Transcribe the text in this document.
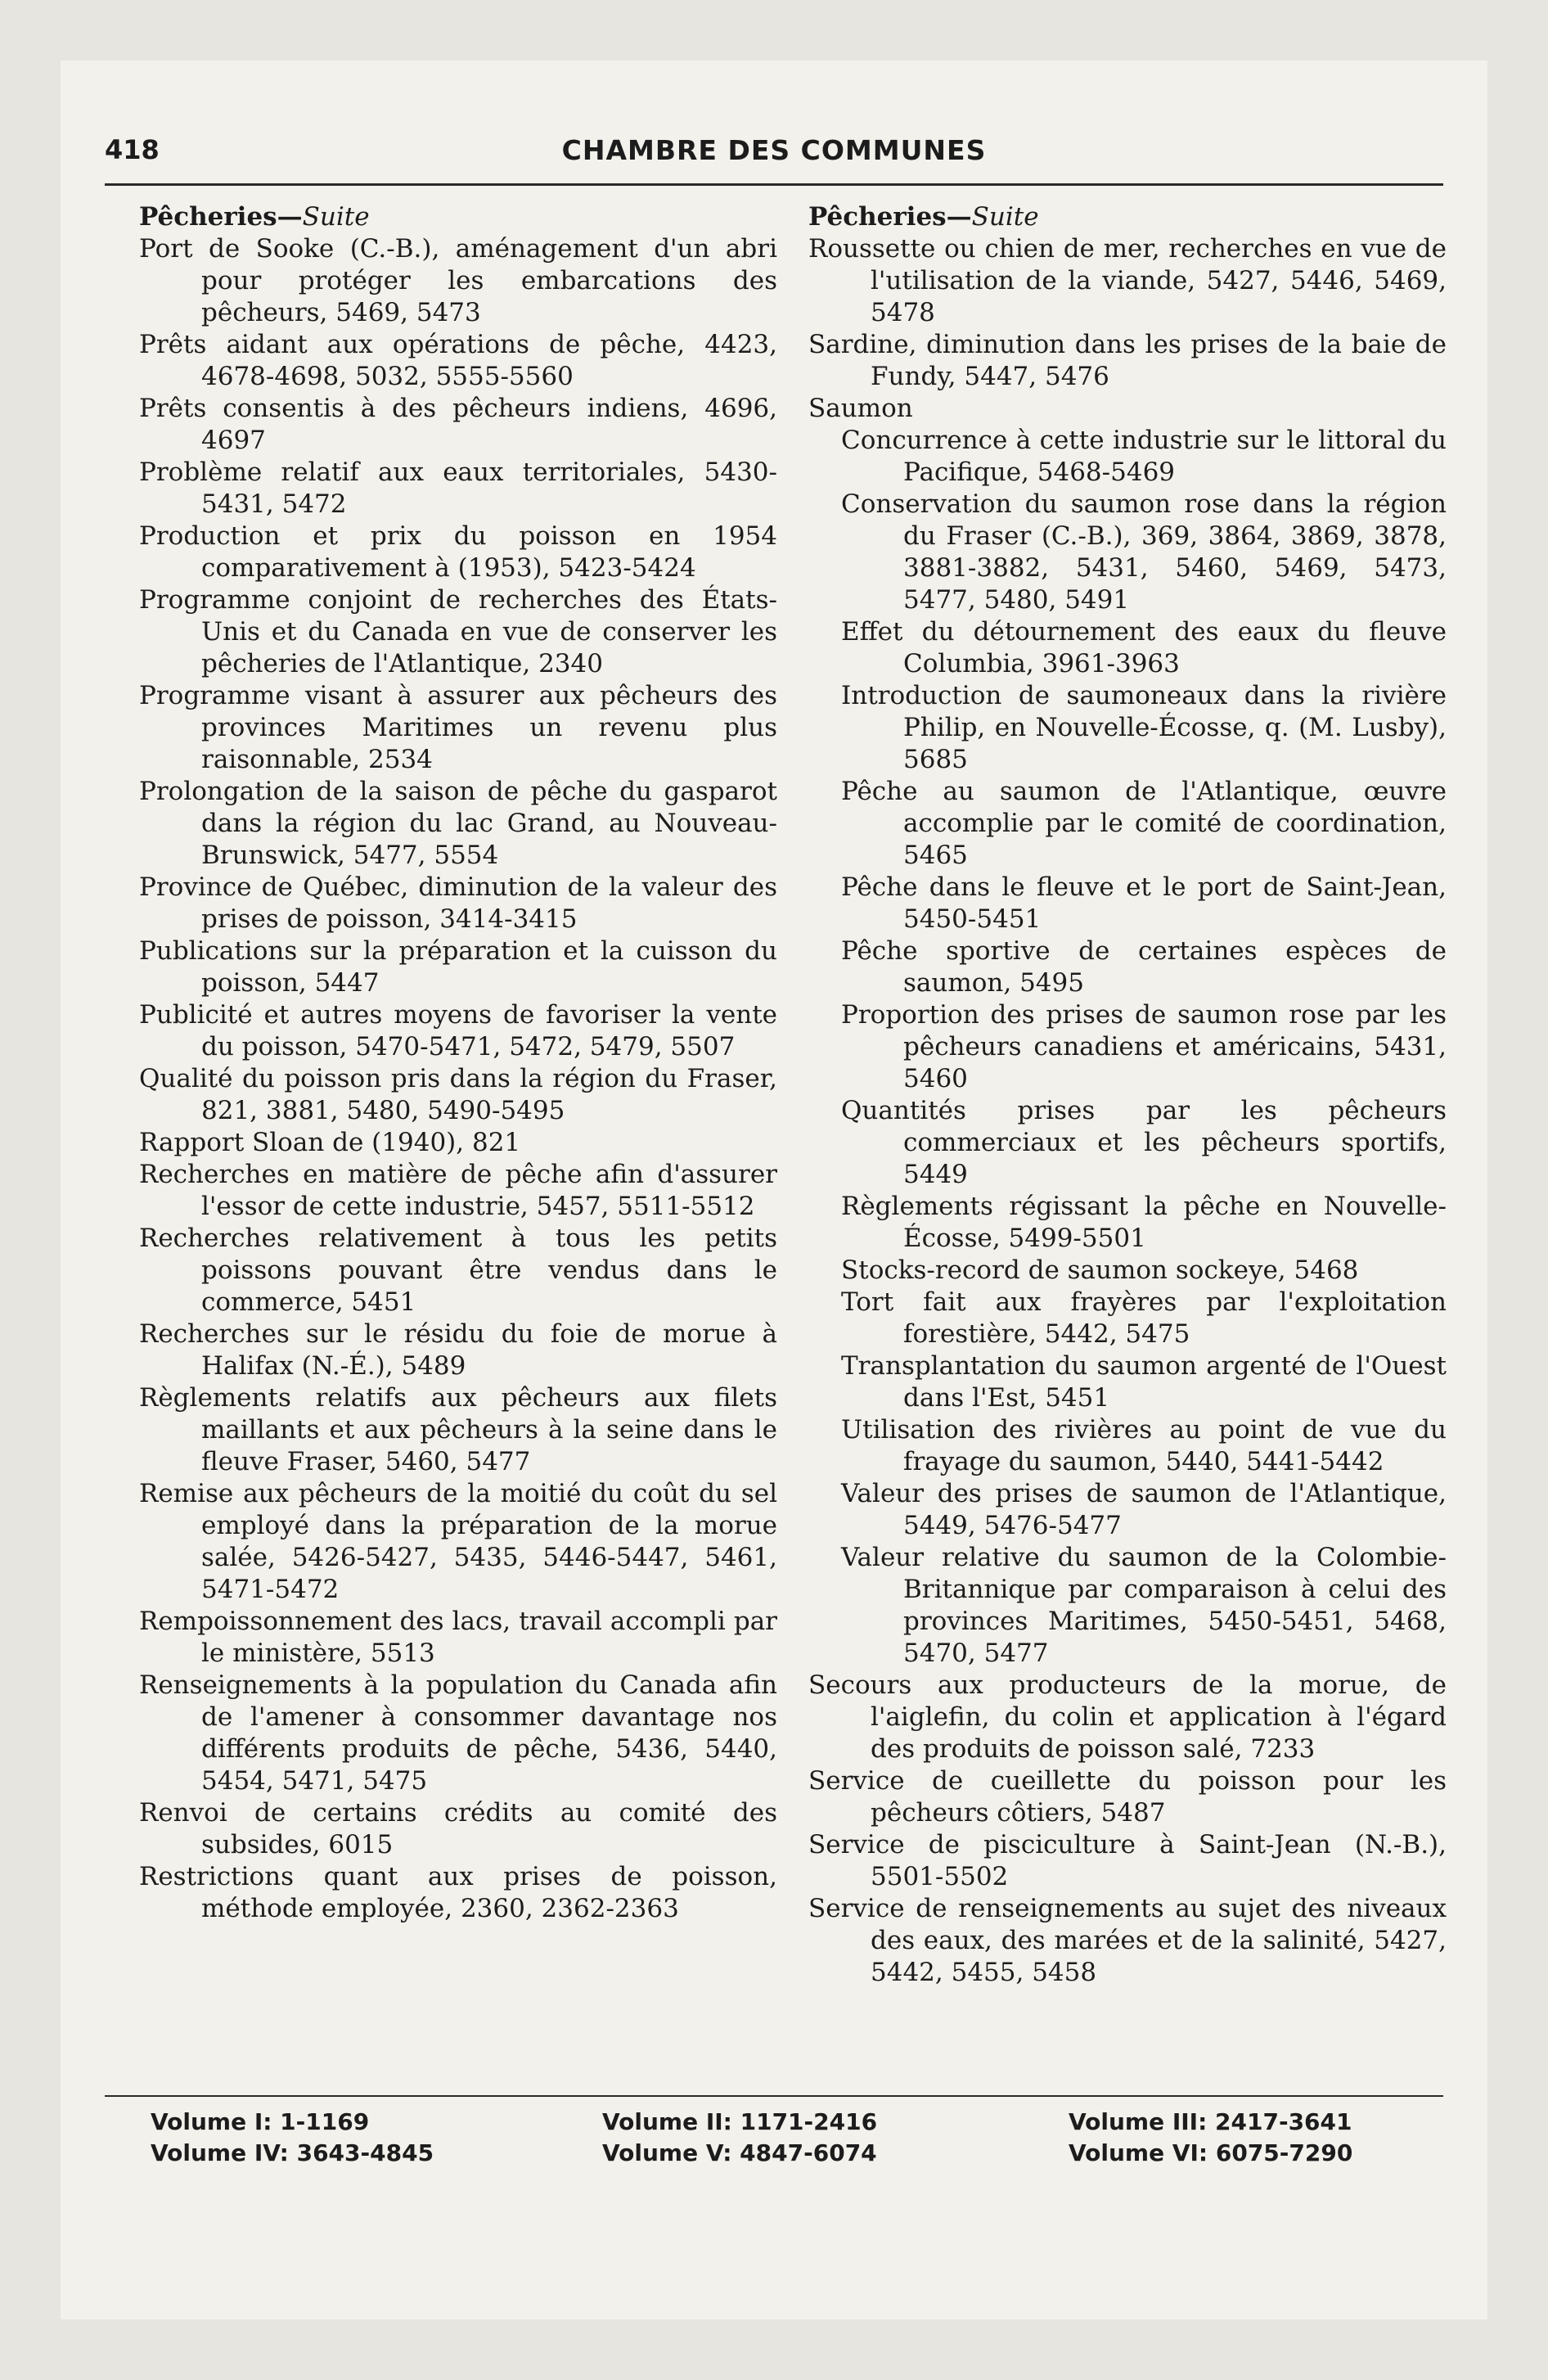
418	CHAMBRE DES COMMUNES

Pêcheries—Suite

Port de Sooke (C.-B.), aménagement d'un abri pour protéger les embarcations des pêcheurs, 5469, 5473

Prêts aidant aux opérations de pêche, 4423, 4678-4698, 5032, 5555-5560

Prêts consentis à des pêcheurs indiens, 4696, 4697

Problème relatif aux eaux territoriales, 5430-5431, 5472

Production et prix du poisson en 1954 comparativement à (1953), 5423-5424

Programme conjoint de recherches des États-Unis et du Canada en vue de conserver les pêcheries de l'Atlantique, 2340

Programme visant à assurer aux pêcheurs des provinces Maritimes un revenu plus raisonnable, 2534

Prolongation de la saison de pêche du gasparot dans la région du lac Grand, au Nouveau-Brunswick, 5477, 5554

Province de Québec, diminution de la valeur des prises de poisson, 3414-3415

Publications sur la préparation et la cuisson du poisson, 5447

Publicité et autres moyens de favoriser la vente du poisson, 5470-5471, 5472, 5479, 5507

Qualité du poisson pris dans la région du Fraser, 821, 3881, 5480, 5490-5495

Rapport Sloan de (1940), 821

Recherches en matière de pêche afin d'assurer l'essor de cette industrie, 5457, 5511-5512

Recherches relativement à tous les petits poissons pouvant être vendus dans le commerce, 5451

Recherches sur le résidu du foie de morue à Halifax (N.-É.), 5489

Règlements relatifs aux pêcheurs aux filets maillants et aux pêcheurs à la seine dans le fleuve Fraser, 5460, 5477

Remise aux pêcheurs de la moitié du coût du sel employé dans la préparation de la morue salée, 5426-5427, 5435, 5446-5447, 5461, 5471-5472

Rempoissonnement des lacs, travail accompli par le ministère, 5513

Renseignements à la population du Canada afin de l'amener à consommer davantage nos différents produits de pêche, 5436, 5440, 5454, 5471, 5475

Renvoi de certains crédits au comité des subsides, 6015

Restrictions quant aux prises de poisson, méthode employée, 2360, 2362-2363

Pêcheries—Suite

Roussette ou chien de mer, recherches en vue de l'utilisation de la viande, 5427, 5446, 5469, 5478

Sardine, diminution dans les prises de la baie de Fundy, 5447, 5476

Saumon

Concurrence à cette industrie sur le littoral du Pacifique, 5468-5469

Conservation du saumon rose dans la région du Fraser (C.-B.), 369, 3864, 3869, 3878, 3881-3882, 5431, 5460, 5469, 5473, 5477, 5480, 5491

Effet du détournement des eaux du fleuve Columbia, 3961-3963

Introduction de saumoneaux dans la rivière Philip, en Nouvelle-Écosse, q. (M. Lusby), 5685

Pêche au saumon de l'Atlantique, œuvre accomplie par le comité de coordination, 5465

Pêche dans le fleuve et le port de Saint-Jean, 5450-5451

Pêche sportive de certaines espèces de saumon, 5495

Proportion des prises de saumon rose par les pêcheurs canadiens et américains, 5431, 5460

Quantités prises par les pêcheurs commerciaux et les pêcheurs sportifs, 5449

Règlements régissant la pêche en Nouvelle-Écosse, 5499-5501

Stocks-record de saumon sockeye, 5468

Tort fait aux frayères par l'exploitation forestière, 5442, 5475

Transplantation du saumon argenté de l'Ouest dans l'Est, 5451

Utilisation des rivières au point de vue du frayage du saumon, 5440, 5441-5442

Valeur des prises de saumon de l'Atlantique, 5449, 5476-5477

Valeur relative du saumon de la Colombie-Britannique par comparaison à celui des provinces Maritimes, 5450-5451, 5468, 5470, 5477

Secours aux producteurs de la morue, de l'aiglefin, du colin et application à l'égard des produits de poisson salé, 7233

Service de cueillette du poisson pour les pêcheurs côtiers, 5487

Service de pisciculture à Saint-Jean (N.-B.), 5501-5502

Service de renseignements au sujet des niveaux des eaux, des marées et de la salinité, 5427, 5442, 5455, 5458

Volume I: 1-1169
Volume IV: 3643-4845
Volume II: 1171-2416
Volume V: 4847-6074
Volume III: 2417-3641
Volume VI: 6075-7290
